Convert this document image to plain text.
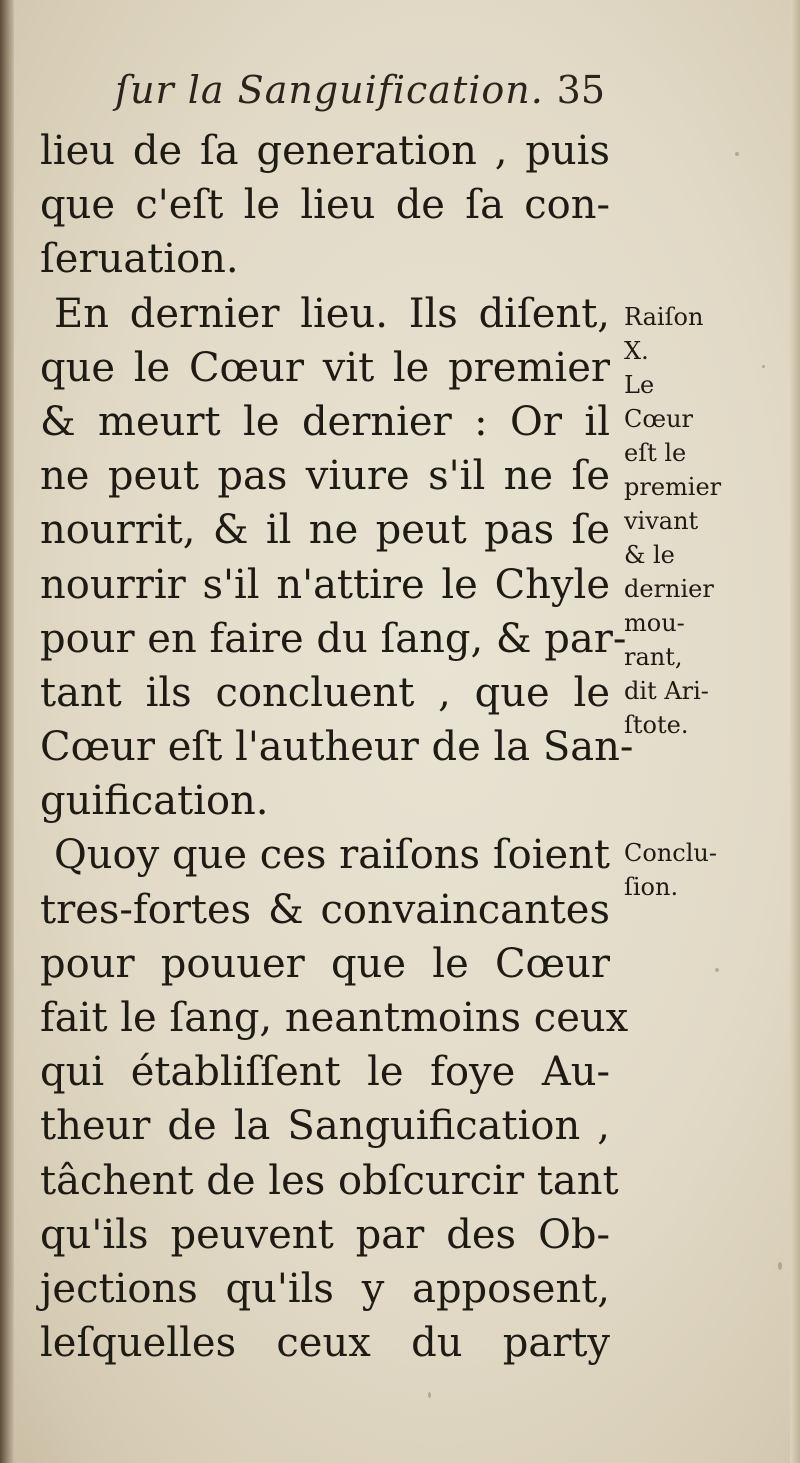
ſur la Sanguification. 35
lieu de ſa generation , puis
que c'eſt le lieu de ſa con-
ſeruation.
En dernier lieu. Ils diſent,
que le Cœur vit le premier
& meurt le dernier : Or il
ne peut pas viure s'il ne ſe
nourrit, & il ne peut pas ſe
nourrir s'il n'attire le Chyle
pour en faire du ſang, & par-
tant ils concluent , que le
Cœur eſt l'autheur de la San-
guification.
Quoy que ces raiſons ſoient
tres-fortes & convaincantes
pour pouuer que le Cœur
fait le ſang, neantmoins ceux
qui établiſſent le foye Au-
theur de la Sanguification ,
tâchent de les obſcurcir tant
qu'ils peuvent par des Ob-
jections qu'ils y apposent,
leſquelles ceux du party
Raiſon
X.
Le
Cœur
eſt le
premier
vivant
& le
dernier
mou-
rant,
dit Ari-
ſtote.
Conclu-
ſion.
